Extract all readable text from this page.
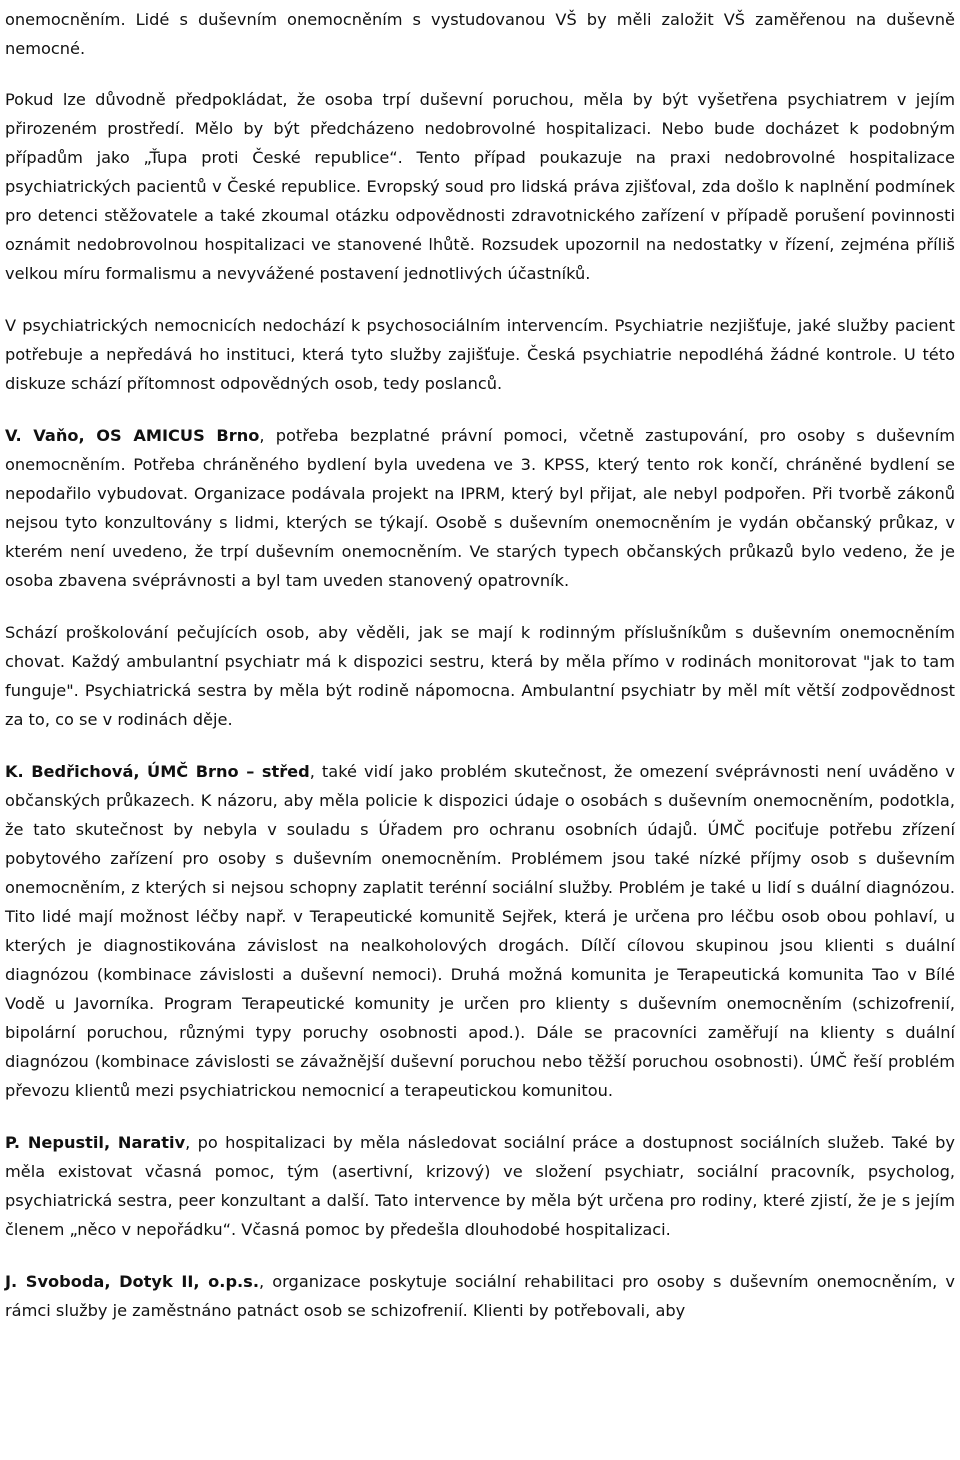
onemocněním. Lidé s duševním onemocněním s vystudovanou VŠ by měli založit VŠ zaměřenou na duševně nemocné.

Pokud lze důvodně předpokládat, že osoba trpí duševní poruchou, měla by být vyšetřena psychiatrem v jejím přirozeném prostředí. Mělo by být předcházeno nedobrovolné hospitalizaci. Nebo bude docházet k podobným případům jako „Ťupa proti České republice“. Tento případ poukazuje na praxi nedobrovolné hospitalizace psychiatrických pacientů v České republice. Evropský soud pro lidská práva zjišťoval, zda došlo k naplnění podmínek pro detenci stěžovatele a také zkoumal otázku odpovědnosti zdravotnického zařízení v případě porušení povinnosti oznámit nedobrovolnou hospitalizaci ve stanovené lhůtě. Rozsudek upozornil na nedostatky v řízení, zejména příliš velkou míru formalismu a nevyvážené postavení jednotlivých účastníků.

V psychiatrických nemocnicích nedochází k psychosociálním intervencím. Psychiatrie nezjišťuje, jaké služby pacient potřebuje a nepředává ho instituci, která tyto služby zajišťuje. Česká psychiatrie nepodléhá žádné kontrole. U této diskuze schází přítomnost odpovědných osob, tedy poslanců.

V. Vaňo, OS AMICUS Brno, potřeba bezplatné právní pomoci, včetně zastupování, pro osoby s duševním onemocněním. Potřeba chráněného bydlení byla uvedena ve 3. KPSS, který tento rok končí, chráněné bydlení se nepodařilo vybudovat. Organizace podávala projekt na IPRM, který byl přijat, ale nebyl podpořen. Při tvorbě zákonů nejsou tyto konzultovány s lidmi, kterých se týkají. Osobě s duševním onemocněním je vydán občanský průkaz, v kterém není uvedeno, že trpí duševním onemocněním. Ve starých typech občanských průkazů bylo vedeno, že je osoba zbavena svéprávnosti a byl tam uveden stanovený opatrovník.

Schází proškolování pečujících osob, aby věděli, jak se mají k rodinným příslušníkům s duševním onemocněním chovat. Každý ambulantní psychiatr má k dispozici sestru, která by měla přímo v rodinách monitorovat "jak to tam funguje". Psychiatrická sestra by měla být rodině nápomocna. Ambulantní psychiatr by měl mít větší zodpovědnost za to, co se v rodinách děje.

K. Bedřichová, ÚMČ Brno – střed, také vidí jako problém skutečnost, že omezení svéprávnosti není uváděno v občanských průkazech. K názoru, aby měla policie k dispozici údaje o osobách s duševním onemocněním, podotkla, že tato skutečnost by nebyla v souladu s Úřadem pro ochranu osobních údajů. ÚMČ pociťuje potřebu zřízení pobytového zařízení pro osoby s duševním onemocněním. Problémem jsou také nízké příjmy osob s duševním onemocněním, z kterých si nejsou schopny zaplatit terénní sociální služby. Problém je také u lidí s duální diagnózou. Tito lidé mají možnost léčby např. v Terapeutické komunitě Sejřek, která je určena pro léčbu osob obou pohlaví, u kterých je diagnostikována závislost na nealkoholových drogách. Dílčí cílovou skupinou jsou klienti s duální diagnózou (kombinace závislosti a duševní nemoci). Druhá možná komunita je Terapeutická komunita Tao v Bílé Vodě u Javorníka. Program Terapeutické komunity je určen pro klienty s duševním onemocněním (schizofrenií, bipolární poruchou, různými typy poruchy osobnosti apod.). Dále se pracovníci zaměřují na klienty s duální diagnózou (kombinace závislosti se závažnější duševní poruchou nebo těžší poruchou osobnosti). ÚMČ řeší problém převozu klientů mezi psychiatrickou nemocnicí a terapeutickou komunitou.

P. Nepustil, Narativ, po hospitalizaci by měla následovat sociální práce a dostupnost sociálních služeb. Také by měla existovat včasná pomoc, tým (asertivní, krizový) ve složení psychiatr, sociální pracovník, psycholog, psychiatrická sestra, peer konzultant a další. Tato intervence by měla být určena pro rodiny, které zjistí, že je s jejím členem „něco v nepořádku“. Včasná pomoc by předešla dlouhodobé hospitalizaci.

J. Svoboda, Dotyk II, o.p.s., organizace poskytuje sociální rehabilitaci pro osoby s duševním onemocněním, v rámci služby je zaměstnáno patnáct osob se schizofrenií. Klienti by potřebovali, aby
